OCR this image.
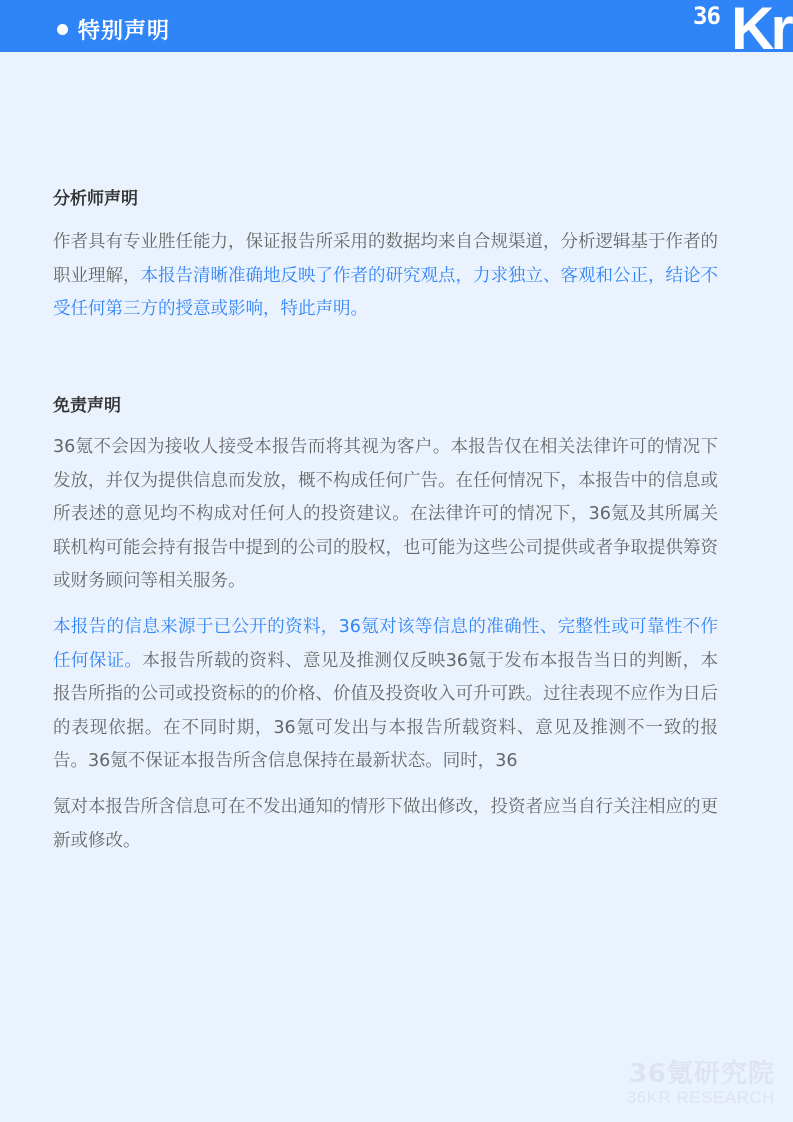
特别声明
36 Kr
分析师声明
作者具有专业胜任能力，保证报告所采用的数据均来自合规渠道，分析逻辑基于作者的职业理解，本报告清晰准确地反映了作者的研究观点，力求独立、客观和公正，结论不受任何第三方的授意或影响，特此声明。
免责声明
36氪不会因为接收人接受本报告而将其视为客户。本报告仅在相关法律许可的情况下发放，并仅为提供信息而发放，概不构成任何广告。在任何情况下，本报告中的信息或所表述的意见均不构成对任何人的投资建议。在法律许可的情况下，36氪及其所属关联机构可能会持有报告中提到的公司的股权，也可能为这些公司提供或者争取提供筹资或财务顾问等相关服务。
本报告的信息来源于已公开的资料，36氪对该等信息的准确性、完整性或可靠性不作任何保证。本报告所载的资料、意见及推测仅反映36氪于发布本报告当日的判断，本报告所指的公司或投资标的的价格、价值及投资收入可升可跌。过往表现不应作为日后的表现依据。在不同时期，36氪可发出与本报告所载资料、意见及推测不一致的报告。36氪不保证本报告所含信息保持在最新状态。同时，36
氪对本报告所含信息可在不发出通知的情形下做出修改，投资者应当自行关注相应的更新或修改。
36氪研究院
36KR RESEARCH
